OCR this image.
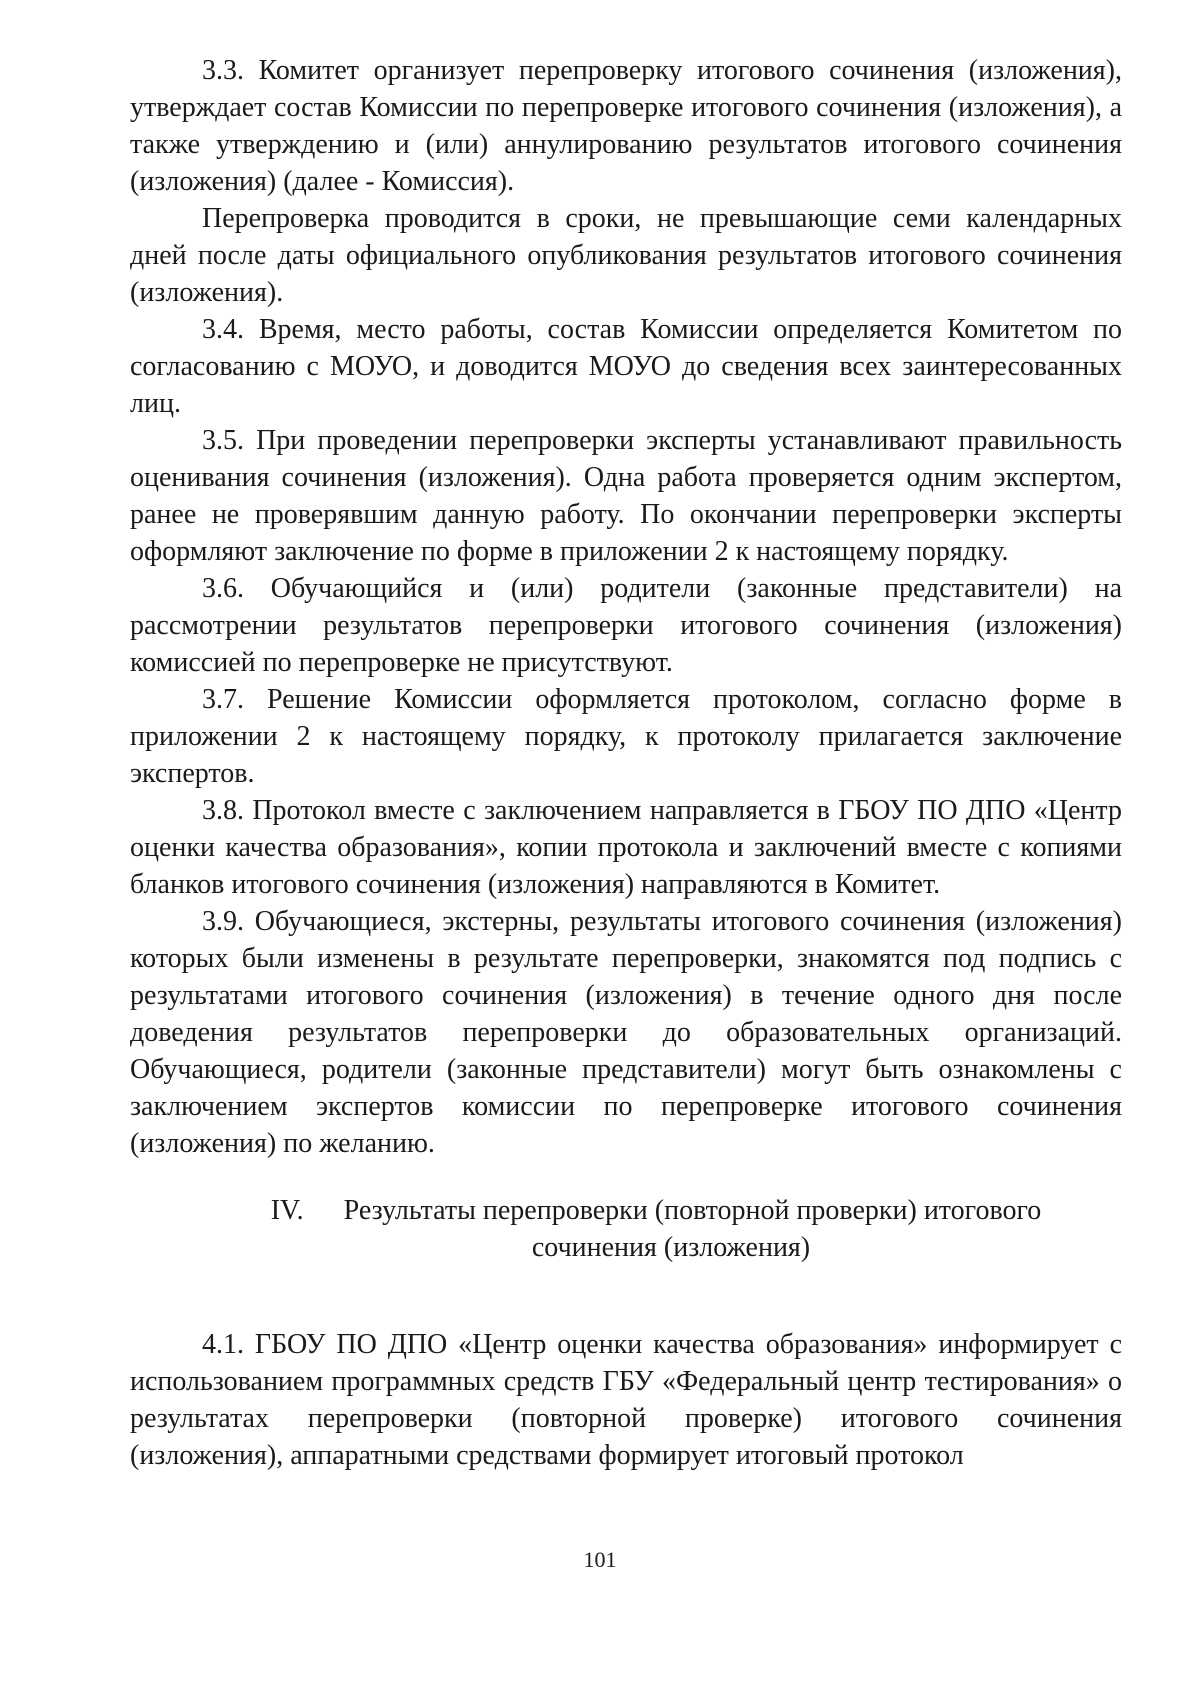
3.3. Комитет организует перепроверку итогового сочинения (изложения), утверждает состав Комиссии по перепроверке итогового сочинения (изложения), а также утверждению и (или) аннулированию результатов итогового сочинения (изложения) (далее - Комиссия).

Перепроверка проводится в сроки, не превышающие семи календарных дней после даты официального опубликования результатов итогового сочинения (изложения).

3.4. Время, место работы, состав Комиссии определяется Комитетом по согласованию с МОУО, и доводится МОУО до сведения всех заинтересованных лиц.

3.5. При проведении перепроверки эксперты устанавливают правильность оценивания сочинения (изложения). Одна работа проверяется одним экспертом, ранее не проверявшим данную работу. По окончании перепроверки эксперты оформляют заключение по форме в приложении 2 к настоящему порядку.

3.6. Обучающийся и (или) родители (законные представители) на рассмотрении результатов перепроверки итогового сочинения (изложения) комиссией по перепроверке не присутствуют.

3.7. Решение Комиссии оформляется протоколом, согласно форме в приложении 2 к настоящему порядку, к протоколу прилагается заключение экспертов.

3.8. Протокол вместе с заключением направляется в ГБОУ ПО ДПО «Центр оценки качества образования», копии протокола и заключений вместе с копиями бланков итогового сочинения (изложения) направляются в Комитет.

3.9. Обучающиеся, экстерны, результаты итогового сочинения (изложения) которых были изменены в результате перепроверки, знакомятся под подпись с результатами итогового сочинения (изложения) в течение одного дня после доведения результатов перепроверки до образовательных организаций. Обучающиеся, родители (законные представители) могут быть ознакомлены с заключением экспертов комиссии по перепроверке итогового сочинения (изложения) по желанию.

IV. Результаты перепроверки (повторной проверки) итогового
сочинения (изложения)

4.1. ГБОУ ПО ДПО «Центр оценки качества образования» информирует с использованием программных средств ГБУ «Федеральный центр тестирования» о результатах перепроверки (повторной проверке) итогового сочинения (изложения), аппаратными средствами формирует итоговый протокол

101
